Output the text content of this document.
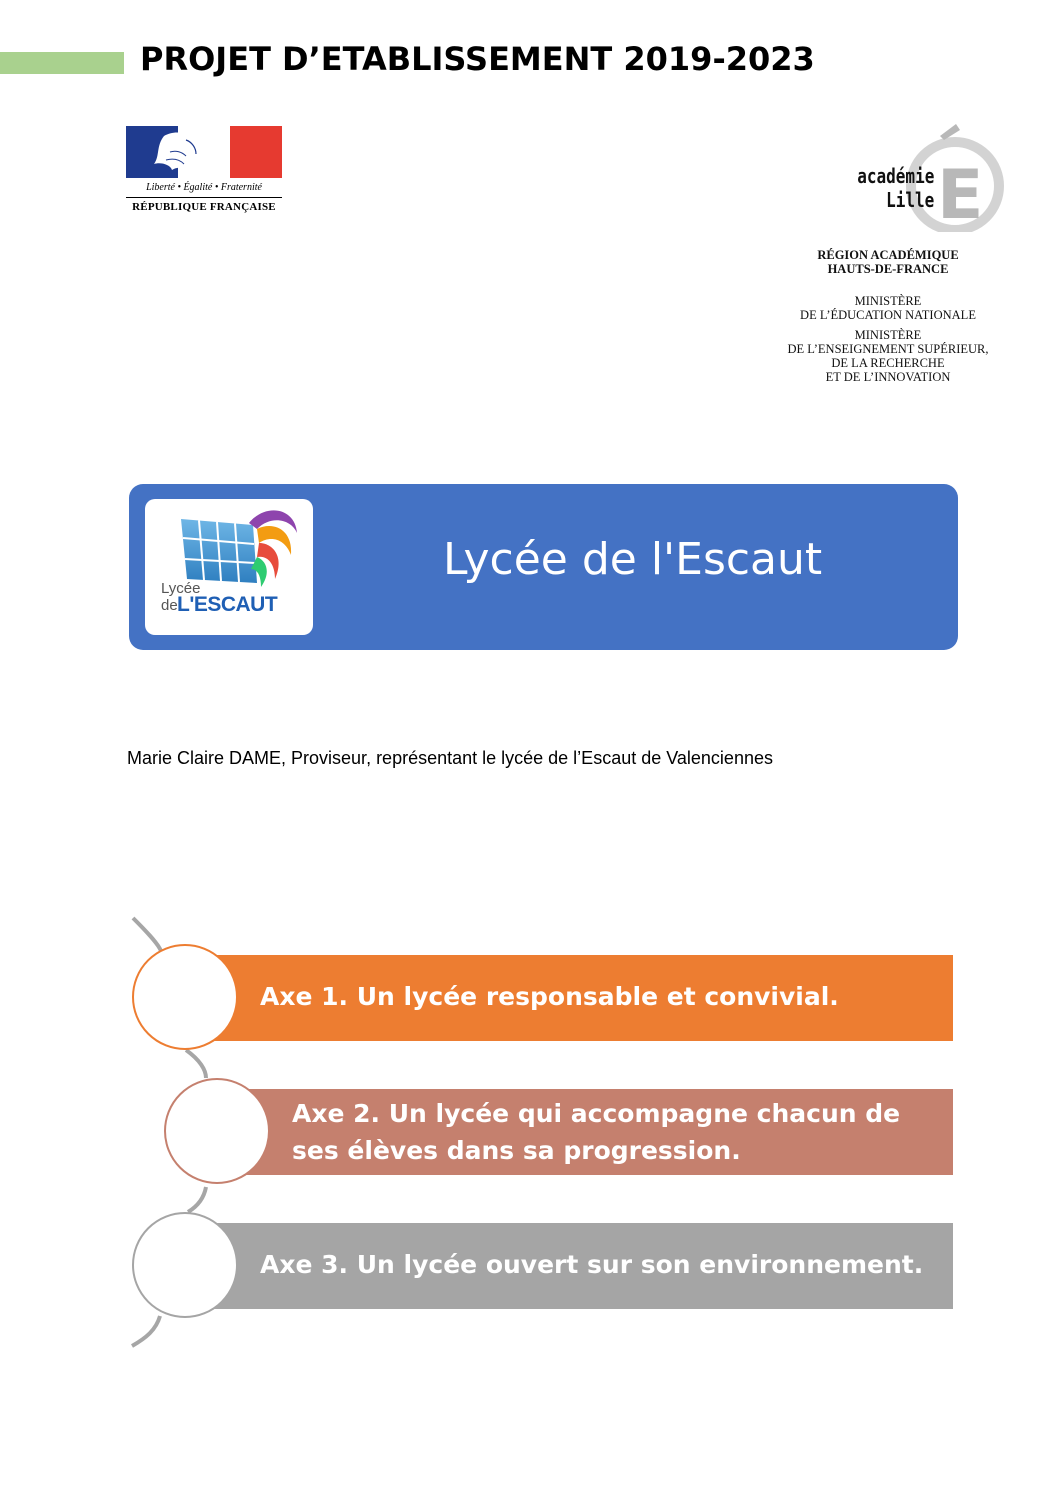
PROJET D’ETABLISSEMENT 2019-2023
Liberté • Égalité • Fraternité
RÉPUBLIQUE FRANÇAISE	E
académie
Lille
RÉGION ACADÉMIQUE
HAUTS-DE-FRANCE
MINISTÈRE
DE L’ÉDUCATION NATIONALE
MINISTÈRE
DE L’ENSEIGNEMENT SUPÉRIEUR,
DE LA RECHERCHE
ET DE L’INNOVATION
Lycée
de L'ESCAUT
Lycée de l'Escaut
Marie Claire DAME, Proviseur, représentant le lycée de l’Escaut de Valenciennes
Axe 1. Un lycée responsable et convivial.
Axe 2. Un lycée qui accompagne chacun de ses élèves dans sa progression.
Axe 3. Un lycée ouvert sur son environnement.
